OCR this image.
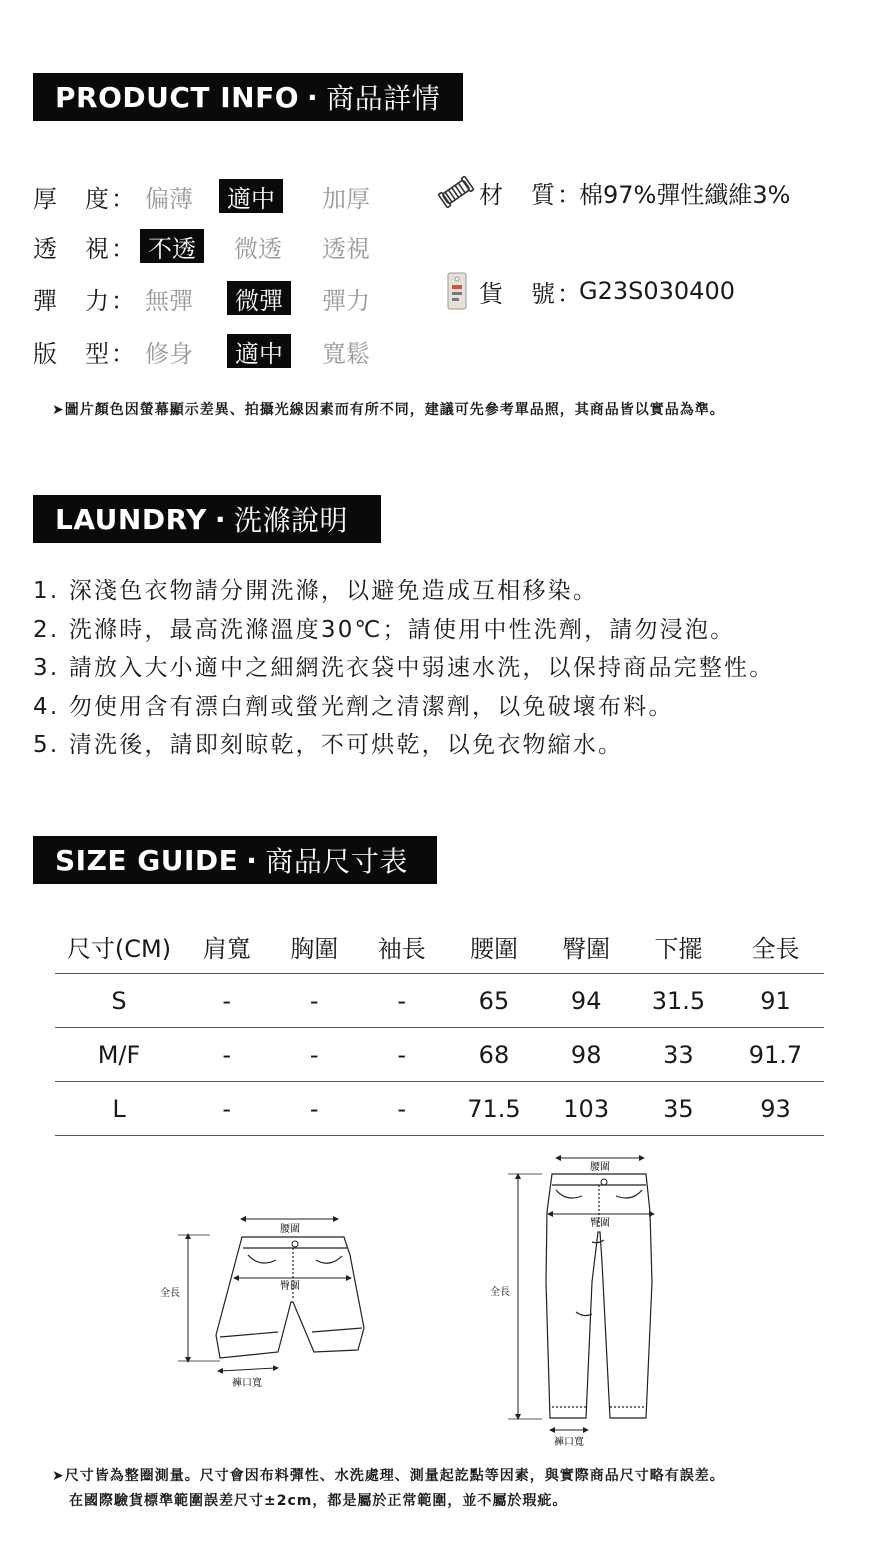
PRODUCT INFO · 商品詳情
厚　度： 偏薄	適中	加厚
透　視： 不透	微透	透視
彈　力： 無彈	微彈	彈力
版　型： 修身	適中	寬鬆
材　質：
棉97%彈性纖維3%
貨　號：
G23S030400
➤圖片顏色因螢幕顯示差異、拍攝光線因素而有所不同，建議可先參考單品照，其商品皆以實品為準。
LAUNDRY · 洗滌說明
1. 深淺色衣物請分開洗滌，以避免造成互相移染。
2. 洗滌時，最高洗滌溫度30℃；請使用中性洗劑，請勿浸泡。
3. 請放入大小適中之細網洗衣袋中弱速水洗，以保持商品完整性。
4. 勿使用含有漂白劑或螢光劑之清潔劑，以免破壞布料。
5. 清洗後，請即刻晾乾，不可烘乾，以免衣物縮水。
SIZE GUIDE · 商品尺寸表
尺寸(CM)	肩寬	胸圍	袖長	腰圍	臀圍	下擺	全長
S	-	-	-	65	94	31.5	91
M/F	-	-	-	68	98	33	91.7
L	-	-	-	71.5	103	35	93
腰圍
全長
臀圍
褲口寬
腰圍
全長
臀圍
褲口寬
➤尺寸皆為整圈測量。尺寸會因布料彈性、水洗處理、測量起訖點等因素，與實際商品尺寸略有誤差。
在國際驗貨標準範圍誤差尺寸±2cm，都是屬於正常範圍，並不屬於瑕疵。
